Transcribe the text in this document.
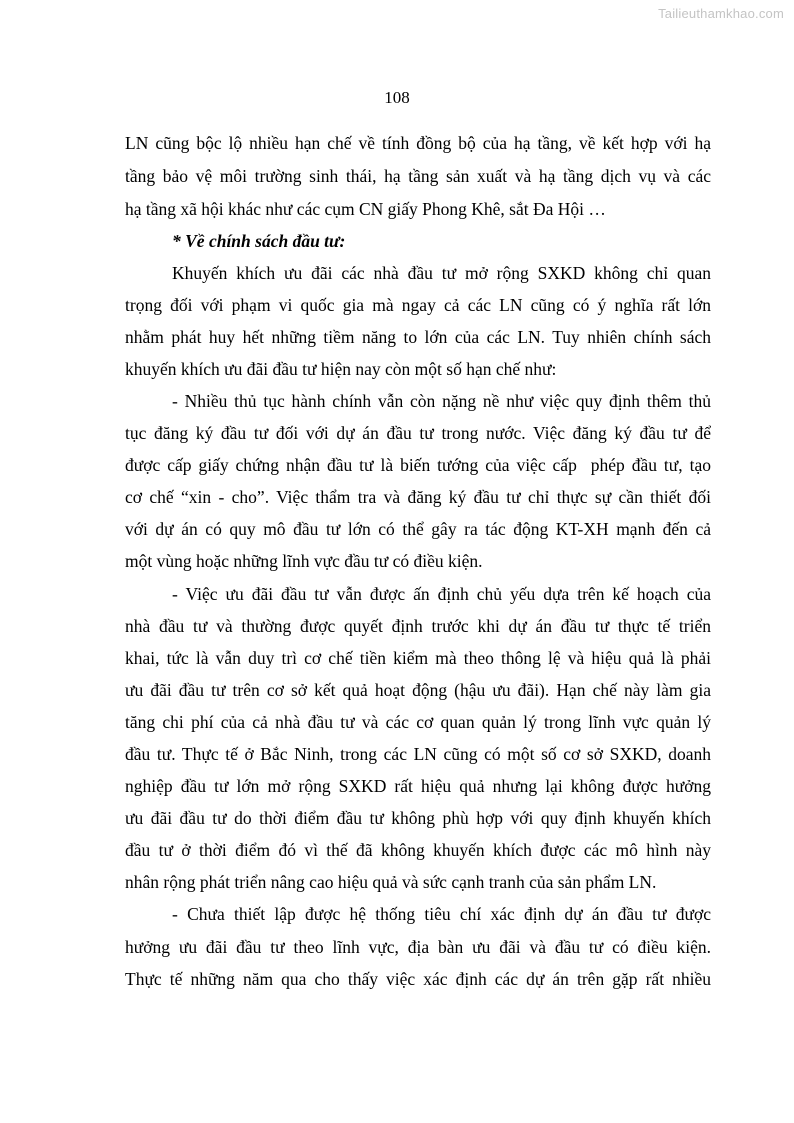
Tailieuthamkhao.com
108
LN cũng bộc lộ nhiều hạn chế về tính đồng bộ của hạ tầng, về kết hợp với hạ
tầng bảo vệ môi trường sinh thái, hạ tầng sản xuất và hạ tầng dịch vụ và các
hạ tầng xã hội khác như các cụm CN giấy Phong Khê, sắt Đa Hội …
* Về chính sách đầu tư:
Khuyến khích ưu đãi các nhà đầu tư mở rộng SXKD không chỉ quan
trọng đối với phạm vi quốc gia mà ngay cả các LN cũng có ý nghĩa rất lớn
nhằm phát huy hết những tiềm năng to lớn của các LN. Tuy nhiên chính sách
khuyến khích ưu đãi đầu tư hiện nay còn một số hạn chế như:
- Nhiều thủ tục hành chính vẫn còn nặng nề như việc quy định thêm thủ
tục đăng ký đầu tư đối với dự án đầu tư trong nước. Việc đăng ký đầu tư để
được cấp giấy chứng nhận đầu tư là biến tướng của việc cấp  phép đầu tư, tạo
cơ chế “xin - cho”. Việc thẩm tra và đăng ký đầu tư chỉ thực sự cần thiết đối
với dự án có quy mô đầu tư lớn có thể gây ra tác động KT-XH mạnh đến cả
một vùng hoặc những lĩnh vực đầu tư có điều kiện.
- Việc ưu đãi đầu tư vẫn được ấn định chủ yếu dựa trên kế hoạch của
nhà đầu tư và thường được quyết định trước khi dự án đầu tư thực tế triển
khai, tức là vẫn duy trì cơ chế tiền kiểm mà theo thông lệ và hiệu quả là phải
ưu đãi đầu tư trên cơ sở kết quả hoạt động (hậu ưu đãi). Hạn chế này làm gia
tăng chi phí của cả nhà đầu tư và các cơ quan quản lý trong lĩnh vực quản lý
đầu tư. Thực tế ở Bắc Ninh, trong các LN cũng có một số cơ sở SXKD, doanh
nghiệp đầu tư lớn mở rộng SXKD rất hiệu quả nhưng lại không được hưởng
ưu đãi đầu tư do thời điểm đầu tư không phù hợp với quy định khuyến khích
đầu tư ở thời điểm đó vì thế đã không khuyến khích được các mô hình này
nhân rộng phát triển nâng cao hiệu quả và sức cạnh tranh của sản phẩm LN.
- Chưa thiết lập được hệ thống tiêu chí xác định dự án đầu tư được
hưởng ưu đãi đầu tư theo lĩnh vực, địa bàn ưu đãi và đầu tư có điều kiện.
Thực tế những năm qua cho thấy việc xác định các dự án trên gặp rất nhiều
